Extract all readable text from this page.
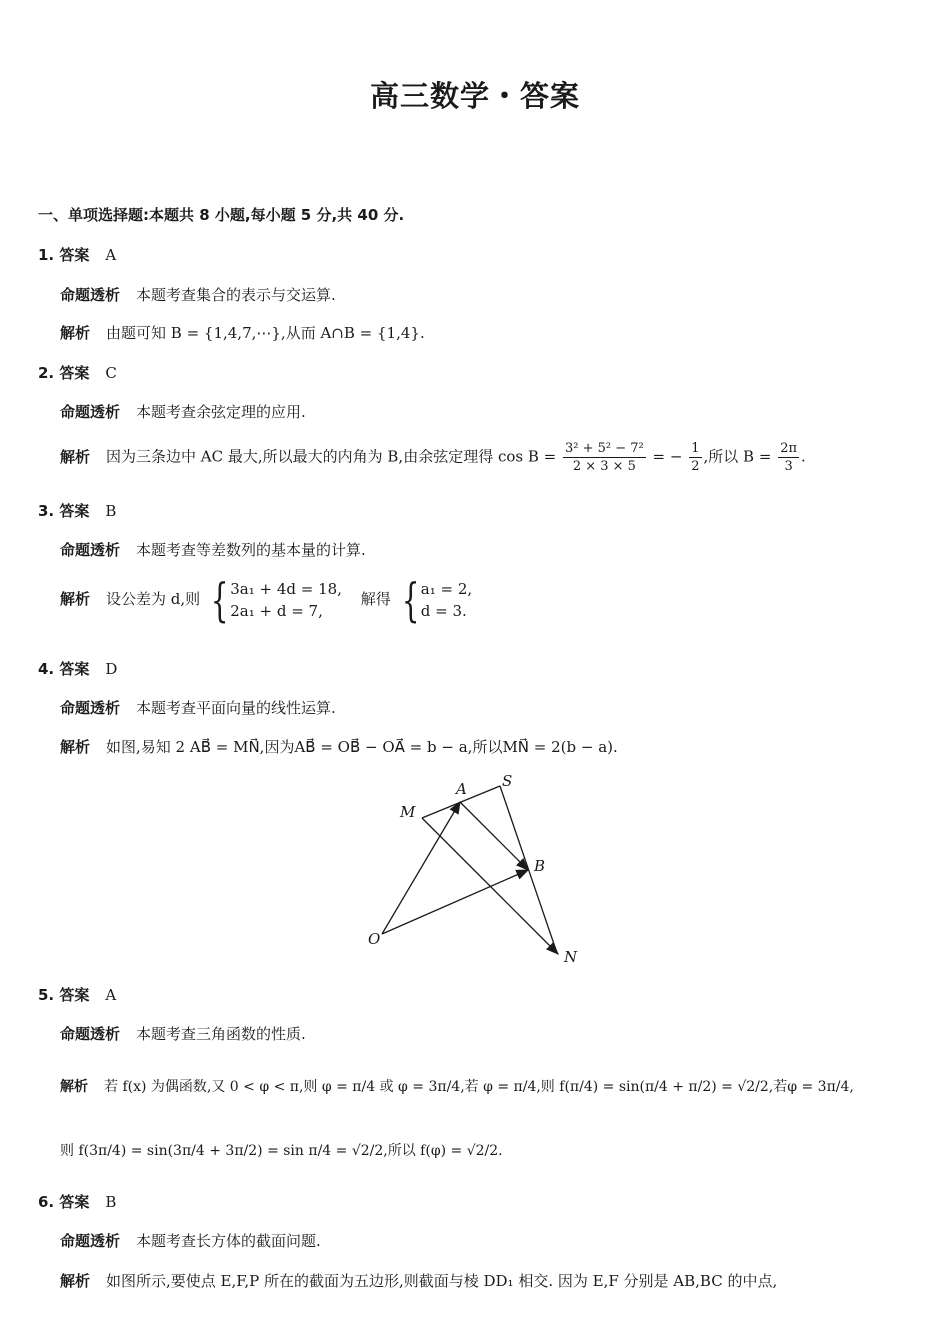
高三数学・答案
一、单项选择题:本题共 8 小题,每小题 5 分,共 40 分.
1. 答案 A
命题透析 本题考查集合的表示与交运算.
解析 由题可知 B = {1,4,7,⋯},从而 A∩B = {1,4}.
2. 答案 C
命题透析 本题考查余弦定理的应用.
解析 因为三条边中 AC 最大,所以最大的内角为 B,由余弦定理得 $\cos B = \frac{\text{3² + 5² − 7²}}{2 \times 3 \times 5}$ = − $\frac{1}{2}$ ,所以 $B = \frac{2\pi}{3}$ .
3. 答案 B
命题透析 本题考查等差数列的基本量的计算.
解析 设公差为 d,则 { 3a₁ + 4d = 18,
2a₁ + d = 7,
解得 { a₁ = 2,
d = 3.
4. 答案 D
命题透析 本题考查平面向量的线性运算.
解析 如图,易知 2 AB⃗ = MN⃗,因为AB⃗ = OB⃗ − OA⃗ = b − a,所以MN⃗ = 2(b − a).
M
A S
B
O
N
5. 答案 A
命题透析 本题考查三角函数的性质.
解析 若 f(x) 为偶函数,又 0 < φ < π,则 φ = π/4 或 φ = 3π/4,若 φ = π/4,则 f(π/4) = sin(π/4 + π/2) = √2/2,若φ = 3π/4,
则 f(3π/4) = sin(3π/4 + 3π/2) = sin π/4 = √2/2,所以 f(φ) = √2/2.
6. 答案 B
命题透析 本题考查长方体的截面问题.
解析 如图所示,要使点 E,F,P 所在的截面为五边形,则截面与棱 DD₁ 相交. 因为 E,F 分别是 AB,BC 的中点,
